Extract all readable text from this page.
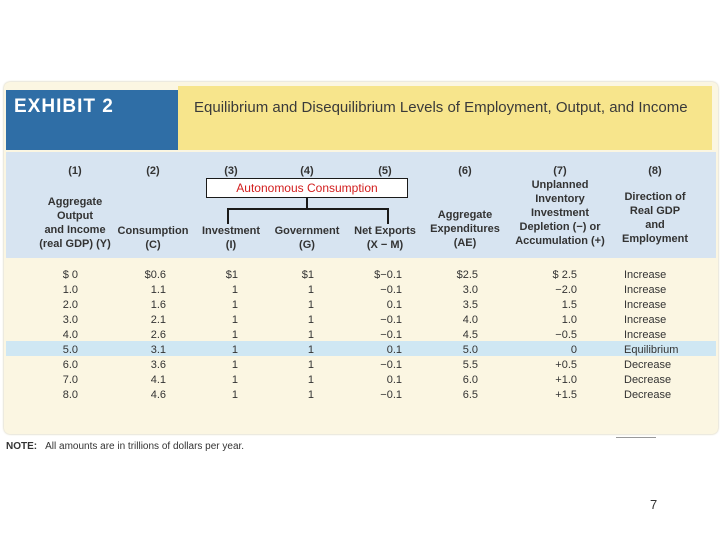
EXHIBIT 2	Equilibrium and Disequilibrium Levels of Employment, Output, and Income
(1)
Aggregate
Output
and Income
(real GDP) (Y)
(2)
Consumption
(C)
(3)
Investment
(I)
(4)
Government
(G)
(5)
Net Exports
(X − M)
(6)
Aggregate
Expenditures
(AE)
(7)
Unplanned
Inventory
Investment
Depletion (−) or
Accumulation (+)
(8)
Direction of
Real GDP
and
Employment
$ 0	$0.6	$1	$1	$−0.1	$2.5	$ 2.5	Increase
1.0	1.1	1	1	−0.1	3.0	−2.0	Increase
2.0	1.6	1	1	0.1	3.5	1.5	Increase
3.0	2.1	1	1	−0.1	4.0	1.0	Increase
4.0	2.6	1	1	−0.1	4.5	−0.5	Increase
5.0	3.1	1	1	0.1	5.0	0	Equilibrium
6.0	3.6	1	1	−0.1	5.5	+0.5	Decrease
7.0	4.1	1	1	0.1	6.0	+1.0	Decrease
8.0	4.6	1	1	−0.1	6.5	+1.5	Decrease
Autonomous Consumption
NOTE: All amounts are in trillions of dollars per year.
7
